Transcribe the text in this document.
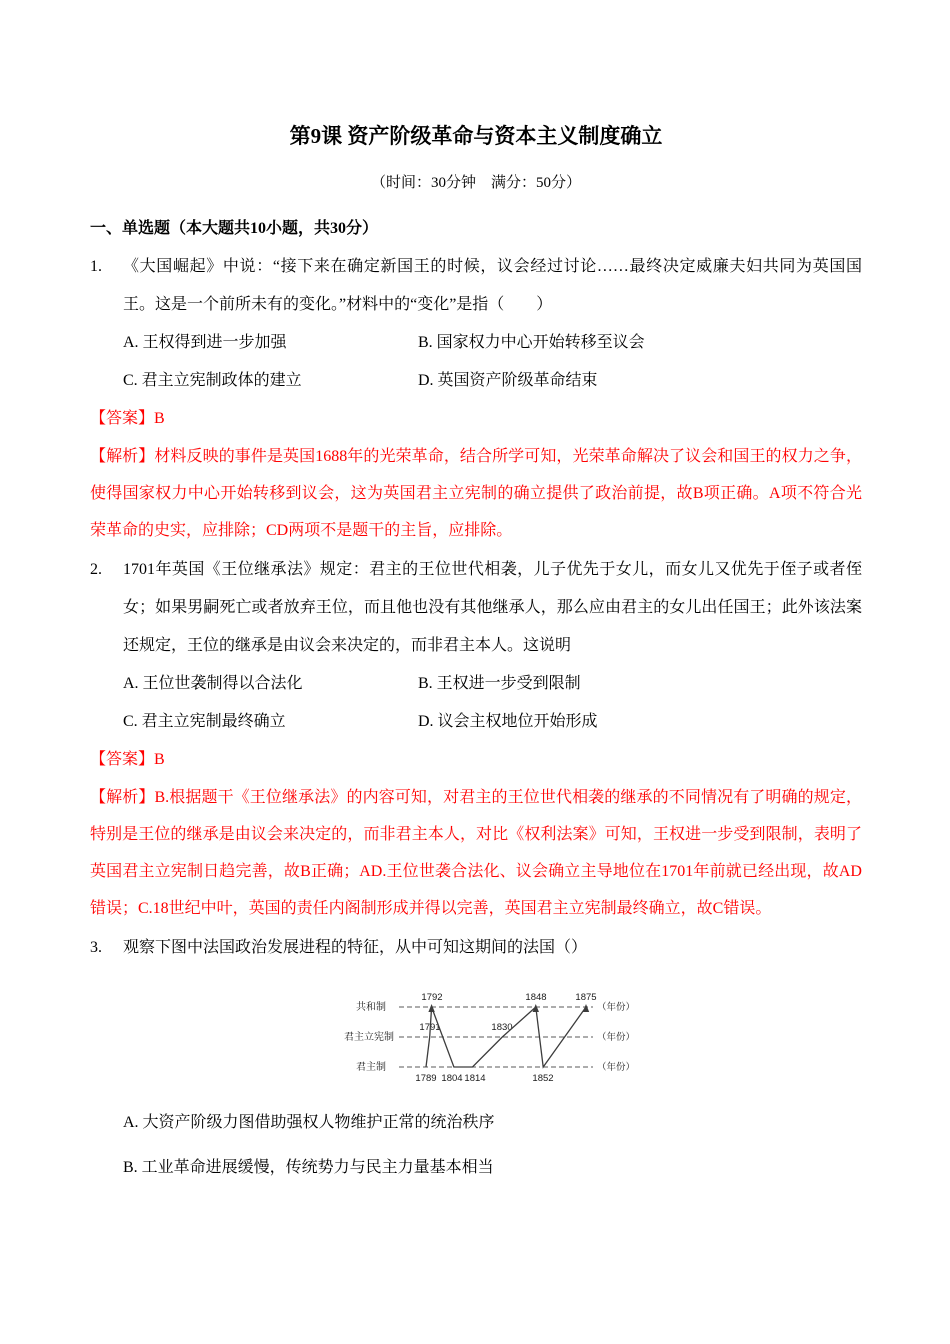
第9课 资产阶级革命与资本主义制度确立

（时间：30分钟　满分：50分）

一、单选题（本大题共10小题，共30分）
1.	《大国崛起》中说：“接下来在确定新国王的时候，议会经过讨论……最终决定威廉夫妇共同为英国国王。这是一个前所未有的变化。”材料中的“变化”是指（　　）

A. 王权得到进一步加强	B. 国家权力中心开始转移至议会
C. 君主立宪制政体的建立	D. 英国资产阶级革命结束

【答案】B

【解析】材料反映的事件是英国1688年的光荣革命，结合所学可知，光荣革命解决了议会和国王的权力之争，使得国家权力中心开始转移到议会，这为英国君主立宪制的确立提供了政治前提，故B项正确。A项不符合光荣革命的史实，应排除；CD两项不是题干的主旨，应排除。

2.	1701年英国《王位继承法》规定：君主的王位世代相袭，儿子优先于女儿，而女儿又优先于侄子或者侄女；如果男嗣死亡或者放弃王位，而且他也没有其他继承人，那么应由君主的女儿出任国王；此外该法案还规定，王位的继承是由议会来决定的，而非君主本人。这说明

A. 王位世袭制得以合法化	B. 王权进一步受到限制
C. 君主立宪制最终确立	D. 议会主权地位开始形成

【答案】B

【解析】B.根据题干《王位继承法》的内容可知，对君主的王位世代相袭的继承的不同情况有了明确的规定，特别是王位的继承是由议会来决定的，而非君主本人，对比《权利法案》可知，王权进一步受到限制，表明了英国君主立宪制日趋完善，故B正确；AD.王位世袭合法化、议会确立主导地位在1701年前就已经出现，故AD错误；C.18世纪中叶，英国的责任内阁制形成并得以完善，英国君主立宪制最终确立，故C错误。

3.	观察下图中法国政治发展进程的特征，从中可知这期间的法国（）

共和制
君主立宪制
君主制
1792	1848	1875
（年份）
1791	1830
（年份）
1789 1804 1814	1852
（年份）
A. 大资产阶级力图借助强权人物维护正常的统治秩序
B. 工业革命进展缓慢，传统势力与民主力量基本相当
